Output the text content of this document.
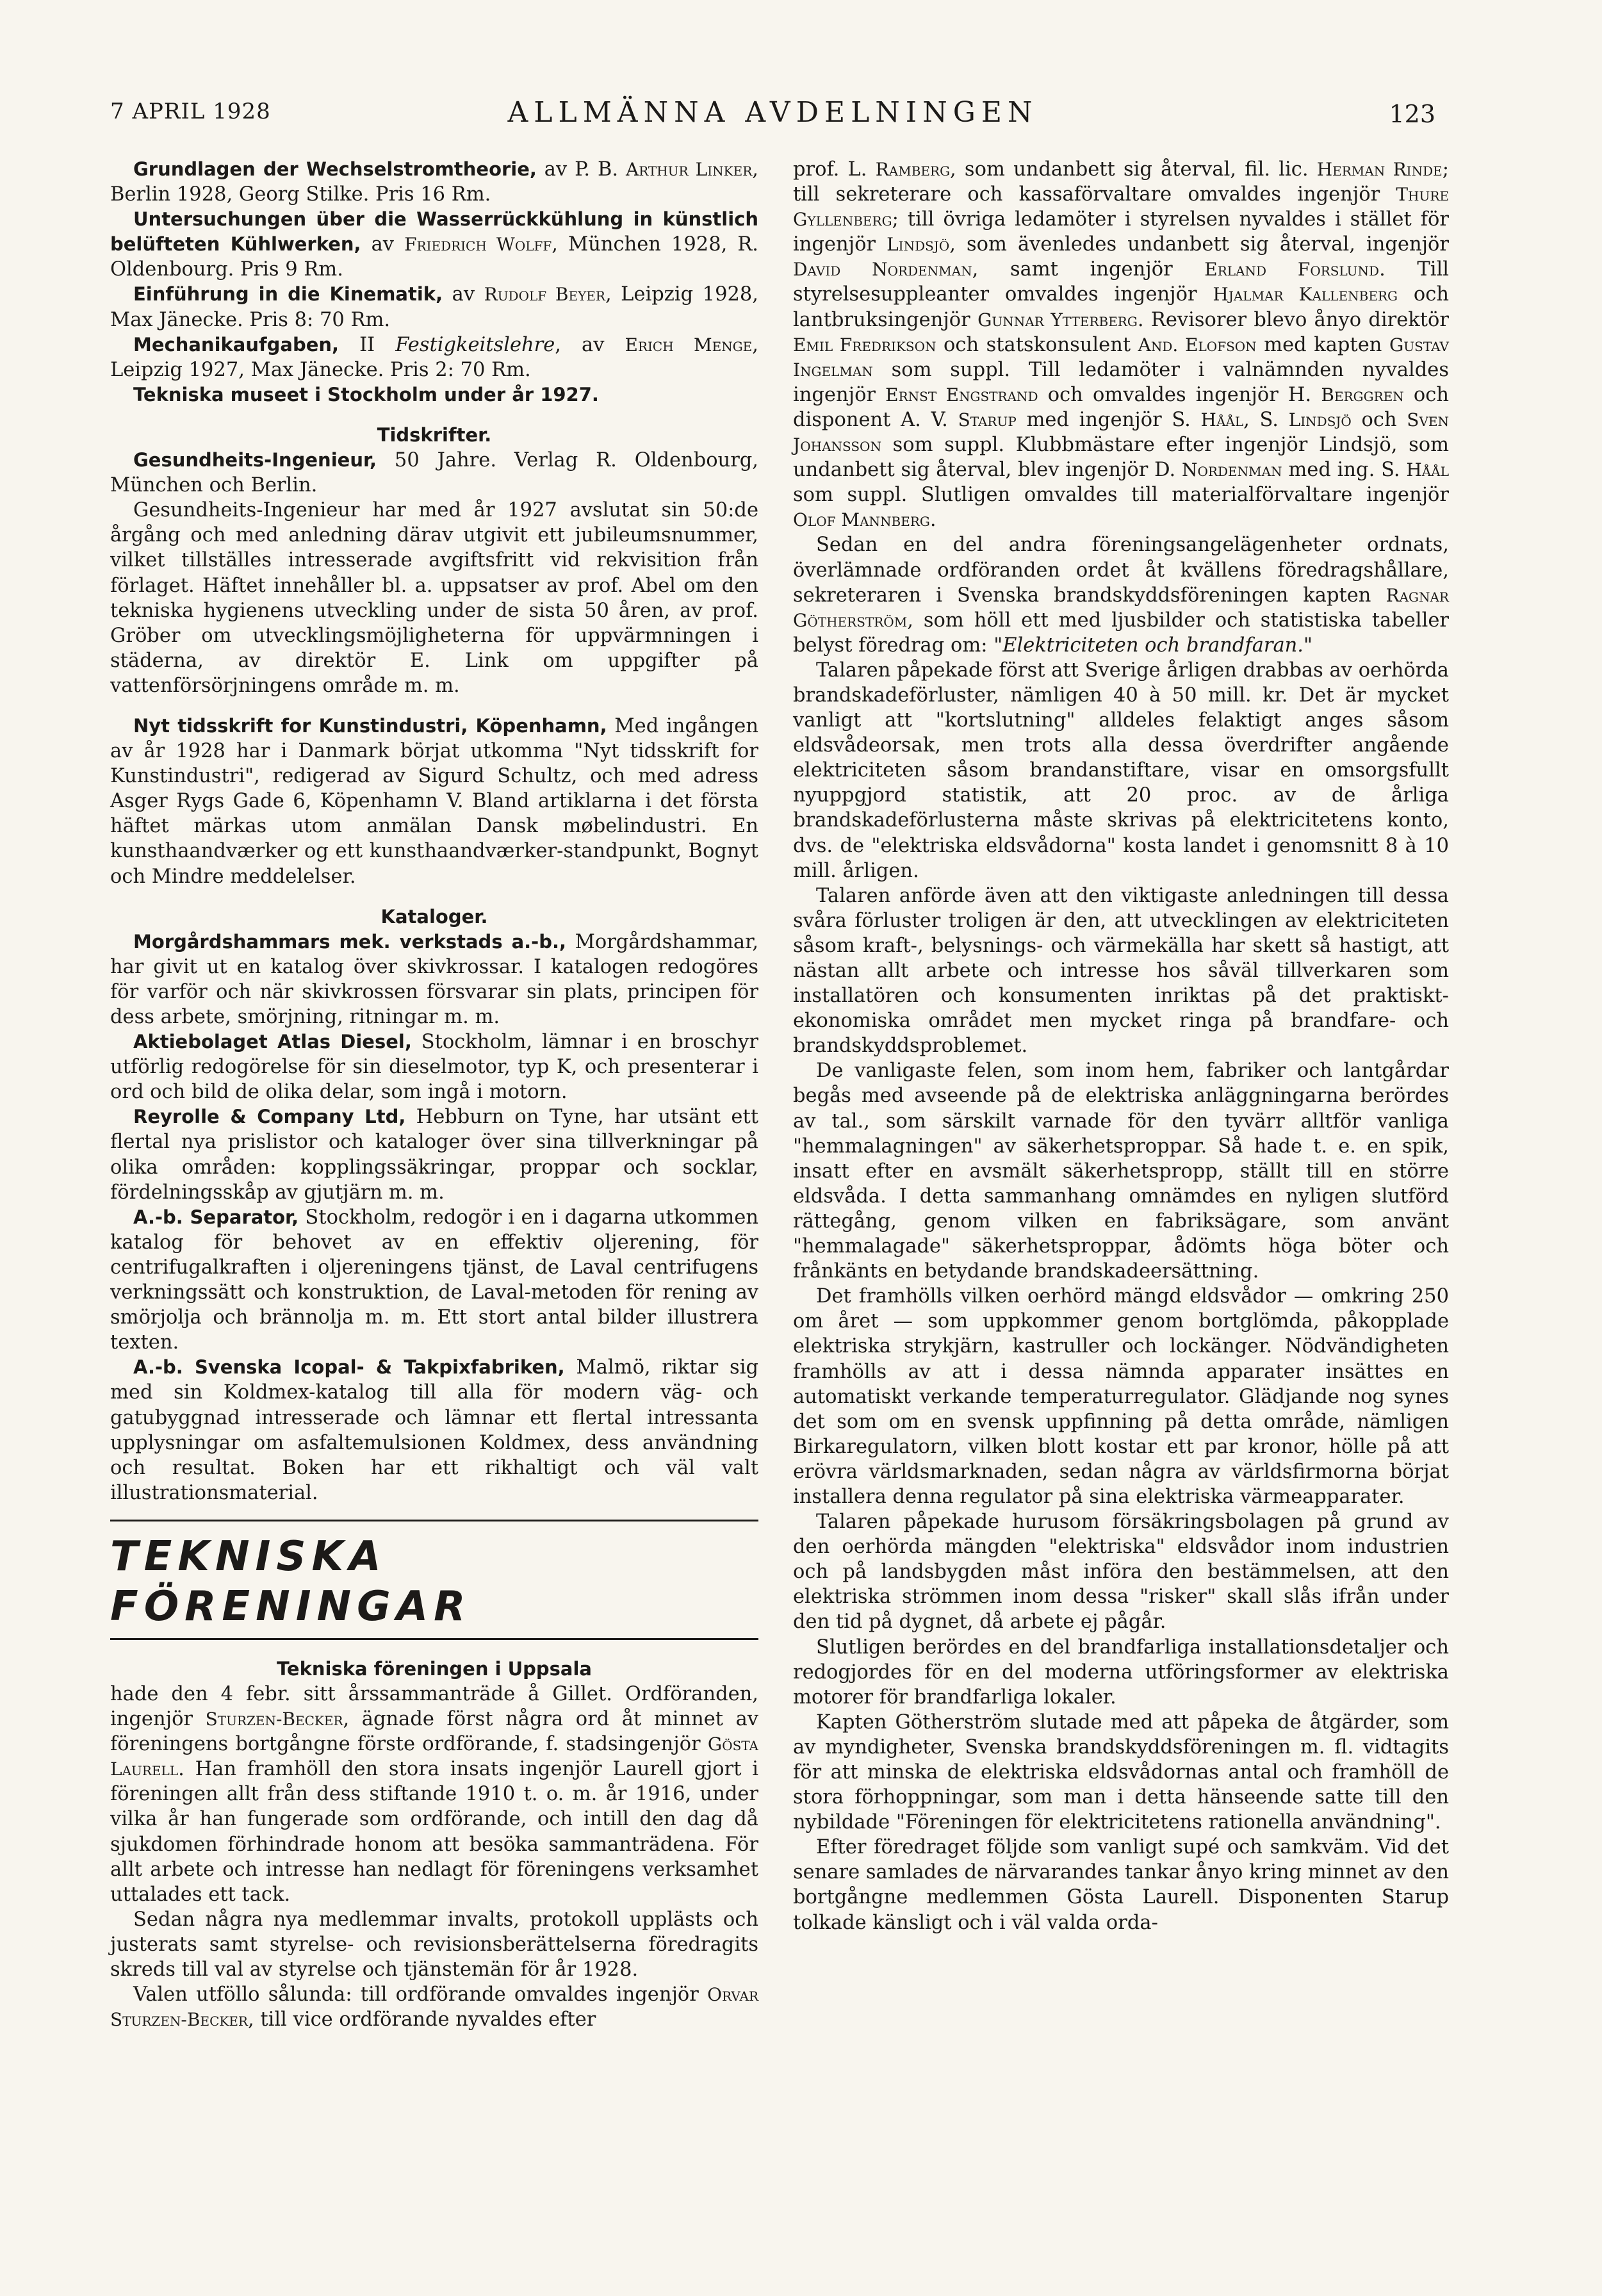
7 APRIL 1928	ALLMÄNNA AVDELNINGEN	123

Grundlagen der Wechselstromtheorie, av P. B. Arthur Linker, Berlin 1928, Georg Stilke. Pris 16 Rm.

Untersuchungen über die Wasserrückkühlung in künstlich belüfteten Kühlwerken, av Friedrich Wolff, München 1928, R. Oldenbourg. Pris 9 Rm.

Einführung in die Kinematik, av Rudolf Beyer, Leipzig 1928, Max Jänecke. Pris 8: 70 Rm.

Mechanikaufgaben, II Festigkeitslehre, av Erich Menge, Leipzig 1927, Max Jänecke. Pris 2: 70 Rm.

Tekniska museet i Stockholm under år 1927.

Tidskrifter.

Gesundheits-Ingenieur, 50 Jahre. Verlag R. Oldenbourg, München och Berlin.

Gesundheits-Ingenieur har med år 1927 avslutat sin 50:de årgång och med anledning därav utgivit ett jubileumsnummer, vilket tillställes intresserade avgiftsfritt vid rekvisition från förlaget. Häftet innehåller bl. a. uppsatser av prof. Abel om den tekniska hygienens utveckling under de sista 50 åren, av prof. Gröber om utvecklingsmöjligheterna för uppvärmningen i städerna, av direktör E. Link om uppgifter på vattenförsörjningens område m. m.

Nyt tidsskrift for Kunstindustri, Köpenhamn, Med ingången av år 1928 har i Danmark börjat utkomma "Nyt tidsskrift for Kunstindustri", redigerad av Sigurd Schultz, och med adress Asger Rygs Gade 6, Köpenhamn V. Bland artiklarna i det första häftet märkas utom anmälan Dansk møbelindustri. En kunsthaandværker og ett kunsthaandværker-standpunkt, Bognyt och Mindre meddelelser.

Kataloger.

Morgårdshammars mek. verkstads a.-b., Morgårdshammar, har givit ut en katalog över skivkrossar. I katalogen redogöres för varför och när skivkrossen försvarar sin plats, principen för dess arbete, smörjning, ritningar m. m.

Aktiebolaget Atlas Diesel, Stockholm, lämnar i en broschyr utförlig redogörelse för sin dieselmotor, typ K, och presenterar i ord och bild de olika delar, som ingå i motorn.

Reyrolle & Company Ltd, Hebburn on Tyne, har utsänt ett flertal nya prislistor och kataloger över sina tillverkningar på olika områden: kopplingssäkringar, proppar och socklar, fördelningsskåp av gjutjärn m. m.

A.-b. Separator, Stockholm, redogör i en i dagarna utkommen katalog för behovet av en effektiv oljerening, för centrifugalkraften i oljereningens tjänst, de Laval centrifugens verkningssätt och konstruktion, de Laval-metoden för rening av smörjolja och brännolja m. m. Ett stort antal bilder illustrera texten.

A.-b. Svenska Icopal- & Takpixfabriken, Malmö, riktar sig med sin Koldmex-katalog till alla för modern väg- och gatubyggnad intresserade och lämnar ett flertal intressanta upplysningar om asfaltemulsionen Koldmex, dess användning och resultat. Boken har ett rikhaltigt och väl valt illustrationsmaterial.

TEKNISKA FÖRENINGAR

Tekniska föreningen i Uppsala

hade den 4 febr. sitt årssammanträde å Gillet. Ordföranden, ingenjör Sturzen-Becker, ägnade först några ord åt minnet av föreningens bortgångne förste ordförande, f. stadsingenjör Gösta Laurell. Han framhöll den stora insats ingenjör Laurell gjort i föreningen allt från dess stiftande 1910 t. o. m. år 1916, under vilka år han fungerade som ordförande, och intill den dag då sjukdomen förhindrade honom att besöka sammanträdena. För allt arbete och intresse han nedlagt för föreningens verksamhet uttalades ett tack.

Sedan några nya medlemmar invalts, protokoll upplästs och justerats samt styrelse- och revisionsberättelserna föredragits skreds till val av styrelse och tjänstemän för år 1928.

Valen utföllo sålunda: till ordförande omvaldes ingenjör Orvar Sturzen-Becker, till vice ordförande nyvaldes efter

prof. L. Ramberg, som undanbett sig återval, fil. lic. Herman Rinde; till sekreterare och kassaförvaltare omvaldes ingenjör Thure Gyllenberg; till övriga ledamöter i styrelsen nyvaldes i stället för ingenjör Lindsjö, som ävenledes undanbett sig återval, ingenjör David Nordenman, samt ingenjör Erland Forslund. Till styrelsesuppleanter omvaldes ingenjör Hjalmar Kallenberg och lantbruksingenjör Gunnar Ytterberg. Revisorer blevo ånyo direktör Emil Fredrikson och statskonsulent And. Elofson med kapten Gustav Ingelman som suppl. Till ledamöter i valnämnden nyvaldes ingenjör Ernst Engstrand och omvaldes ingenjör H. Berggren och disponent A. V. Starup med ingenjör S. Håål, S. Lindsjö och Sven Johansson som suppl. Klubbmästare efter ingenjör Lindsjö, som undanbett sig återval, blev ingenjör D. Nordenman med ing. S. Håål som suppl. Slutligen omvaldes till materialförvaltare ingenjör Olof Mannberg.

Sedan en del andra föreningsangelägenheter ordnats, överlämnade ordföranden ordet åt kvällens föredragshållare, sekreteraren i Svenska brandskyddsföreningen kapten Ragnar Götherström, som höll ett med ljusbilder och statistiska tabeller belyst föredrag om: "Elektriciteten och brandfaran."

Talaren påpekade först att Sverige årligen drabbas av oerhörda brandskadeförluster, nämligen 40 à 50 mill. kr. Det är mycket vanligt att "kortslutning" alldeles felaktigt anges såsom eldsvådeorsak, men trots alla dessa överdrifter angående elektriciteten såsom brandanstiftare, visar en omsorgsfullt nyuppgjord statistik, att 20 proc. av de årliga brandskadeförlusterna måste skrivas på elektricitetens konto, dvs. de "elektriska eldsvådorna" kosta landet i genomsnitt 8 à 10 mill. årligen.

Talaren anförde även att den viktigaste anledningen till dessa svåra förluster troligen är den, att utvecklingen av elektriciteten såsom kraft-, belysnings- och värmekälla har skett så hastigt, att nästan allt arbete och intresse hos såväl tillverkaren som installatören och konsumenten inriktas på det praktiskt-ekonomiska området men mycket ringa på brandfare- och brandskyddsproblemet.

De vanligaste felen, som inom hem, fabriker och lantgårdar begås med avseende på de elektriska anläggningarna berördes av tal., som särskilt varnade för den tyvärr alltför vanliga "hemmalagningen" av säkerhetsproppar. Så hade t. e. en spik, insatt efter en avsmält säkerhetspropp, ställt till en större eldsvåda. I detta sammanhang omnämdes en nyligen slutförd rättegång, genom vilken en fabriksägare, som använt "hemmalagade" säkerhetsproppar, ådömts höga böter och frånkänts en betydande brandskadeersättning.

Det framhölls vilken oerhörd mängd eldsvådor — omkring 250 om året — som uppkommer genom bortglömda, påkopplade elektriska strykjärn, kastruller och lockänger. Nödvändigheten framhölls av att i dessa nämnda apparater insättes en automatiskt verkande temperaturregulator. Glädjande nog synes det som om en svensk uppfinning på detta område, nämligen Birkaregulatorn, vilken blott kostar ett par kronor, hölle på att erövra världsmarknaden, sedan några av världsfirmorna börjat installera denna regulator på sina elektriska värmeapparater.

Talaren påpekade hurusom försäkringsbolagen på grund av den oerhörda mängden "elektriska" eldsvådor inom industrien och på landsbygden måst införa den bestämmelsen, att den elektriska strömmen inom dessa "risker" skall slås ifrån under den tid på dygnet, då arbete ej pågår.

Slutligen berördes en del brandfarliga installationsdetaljer och redogjordes för en del moderna utföringsformer av elektriska motorer för brandfarliga lokaler.

Kapten Götherström slutade med att påpeka de åtgärder, som av myndigheter, Svenska brandskyddsföreningen m. fl. vidtagits för att minska de elektriska eldsvådornas antal och framhöll de stora förhoppningar, som man i detta hänseende satte till den nybildade "Föreningen för elektricitetens rationella användning".

Efter föredraget följde som vanligt supé och samkväm. Vid det senare samlades de närvarandes tankar ånyo kring minnet av den bortgångne medlemmen Gösta Laurell. Disponenten Starup tolkade känsligt och i väl valda orda-
